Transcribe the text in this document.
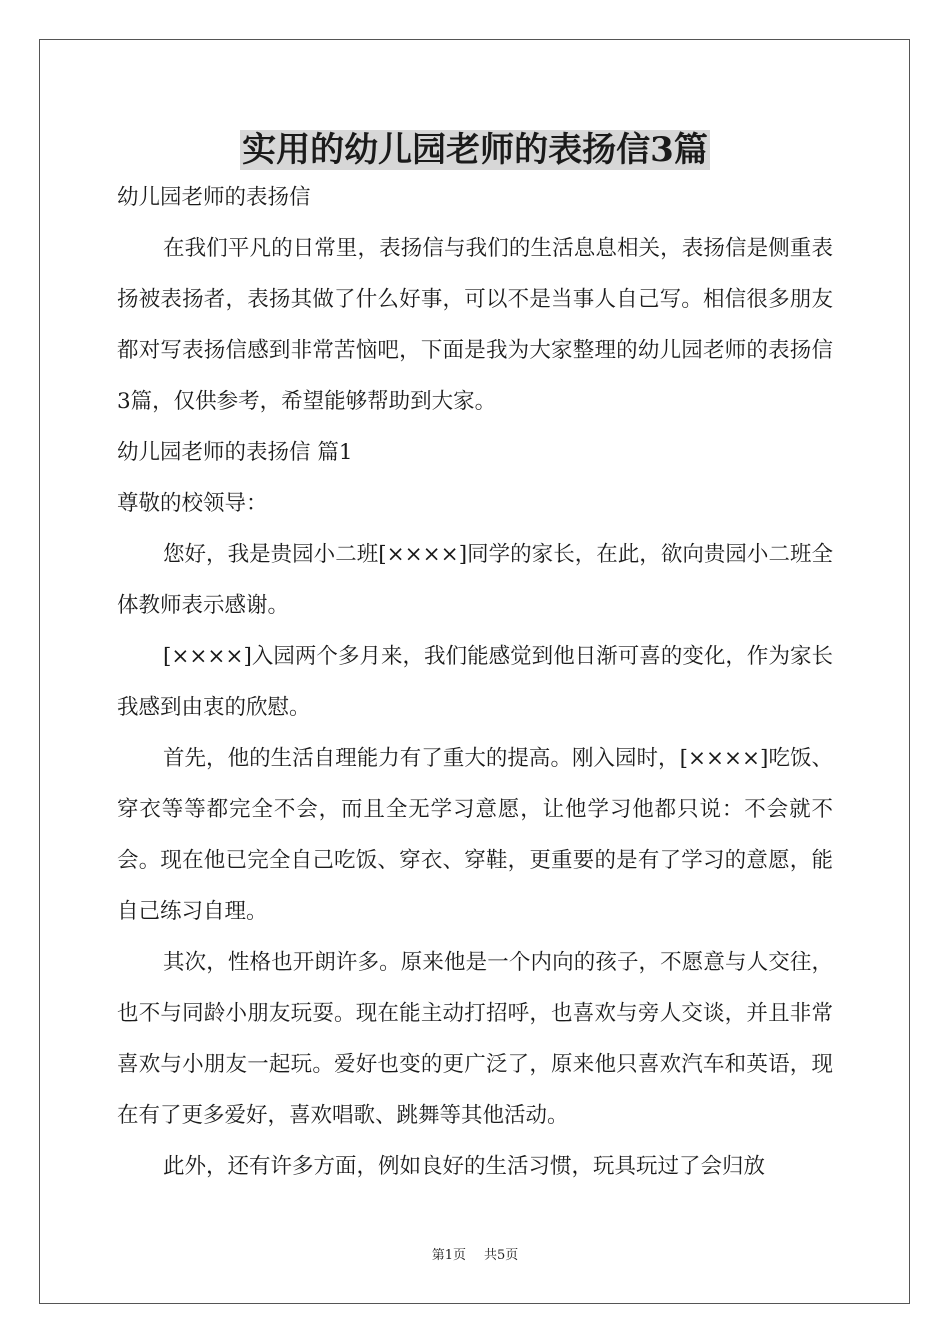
实用的幼儿园老师的表扬信3篇

幼儿园老师的表扬信

在我们平凡的日常里，表扬信与我们的生活息息相关，表扬信是侧重表扬被表扬者，表扬其做了什么好事，可以不是当事人自己写。相信很多朋友都对写表扬信感到非常苦恼吧，下面是我为大家整理的幼儿园老师的表扬信3篇，仅供参考，希望能够帮助到大家。

幼儿园老师的表扬信 篇1

尊敬的校领导：

您好，我是贵园小二班[××××]同学的家长，在此，欲向贵园小二班全体教师表示感谢。

[××××]入园两个多月来，我们能感觉到他日渐可喜的变化，作为家长我感到由衷的欣慰。

首先，他的生活自理能力有了重大的提高。刚入园时，[××××]吃饭、穿衣等等都完全不会，而且全无学习意愿，让他学习他都只说：不会就不会。现在他已完全自己吃饭、穿衣、穿鞋，更重要的是有了学习的意愿，能自己练习自理。

其次，性格也开朗许多。原来他是一个内向的孩子，不愿意与人交往，也不与同龄小朋友玩耍。现在能主动打招呼，也喜欢与旁人交谈，并且非常喜欢与小朋友一起玩。爱好也变的更广泛了，原来他只喜欢汽车和英语，现在有了更多爱好，喜欢唱歌、跳舞等其他活动。

此外，还有许多方面，例如良好的生活习惯，玩具玩过了会归放

第1页 共5页
